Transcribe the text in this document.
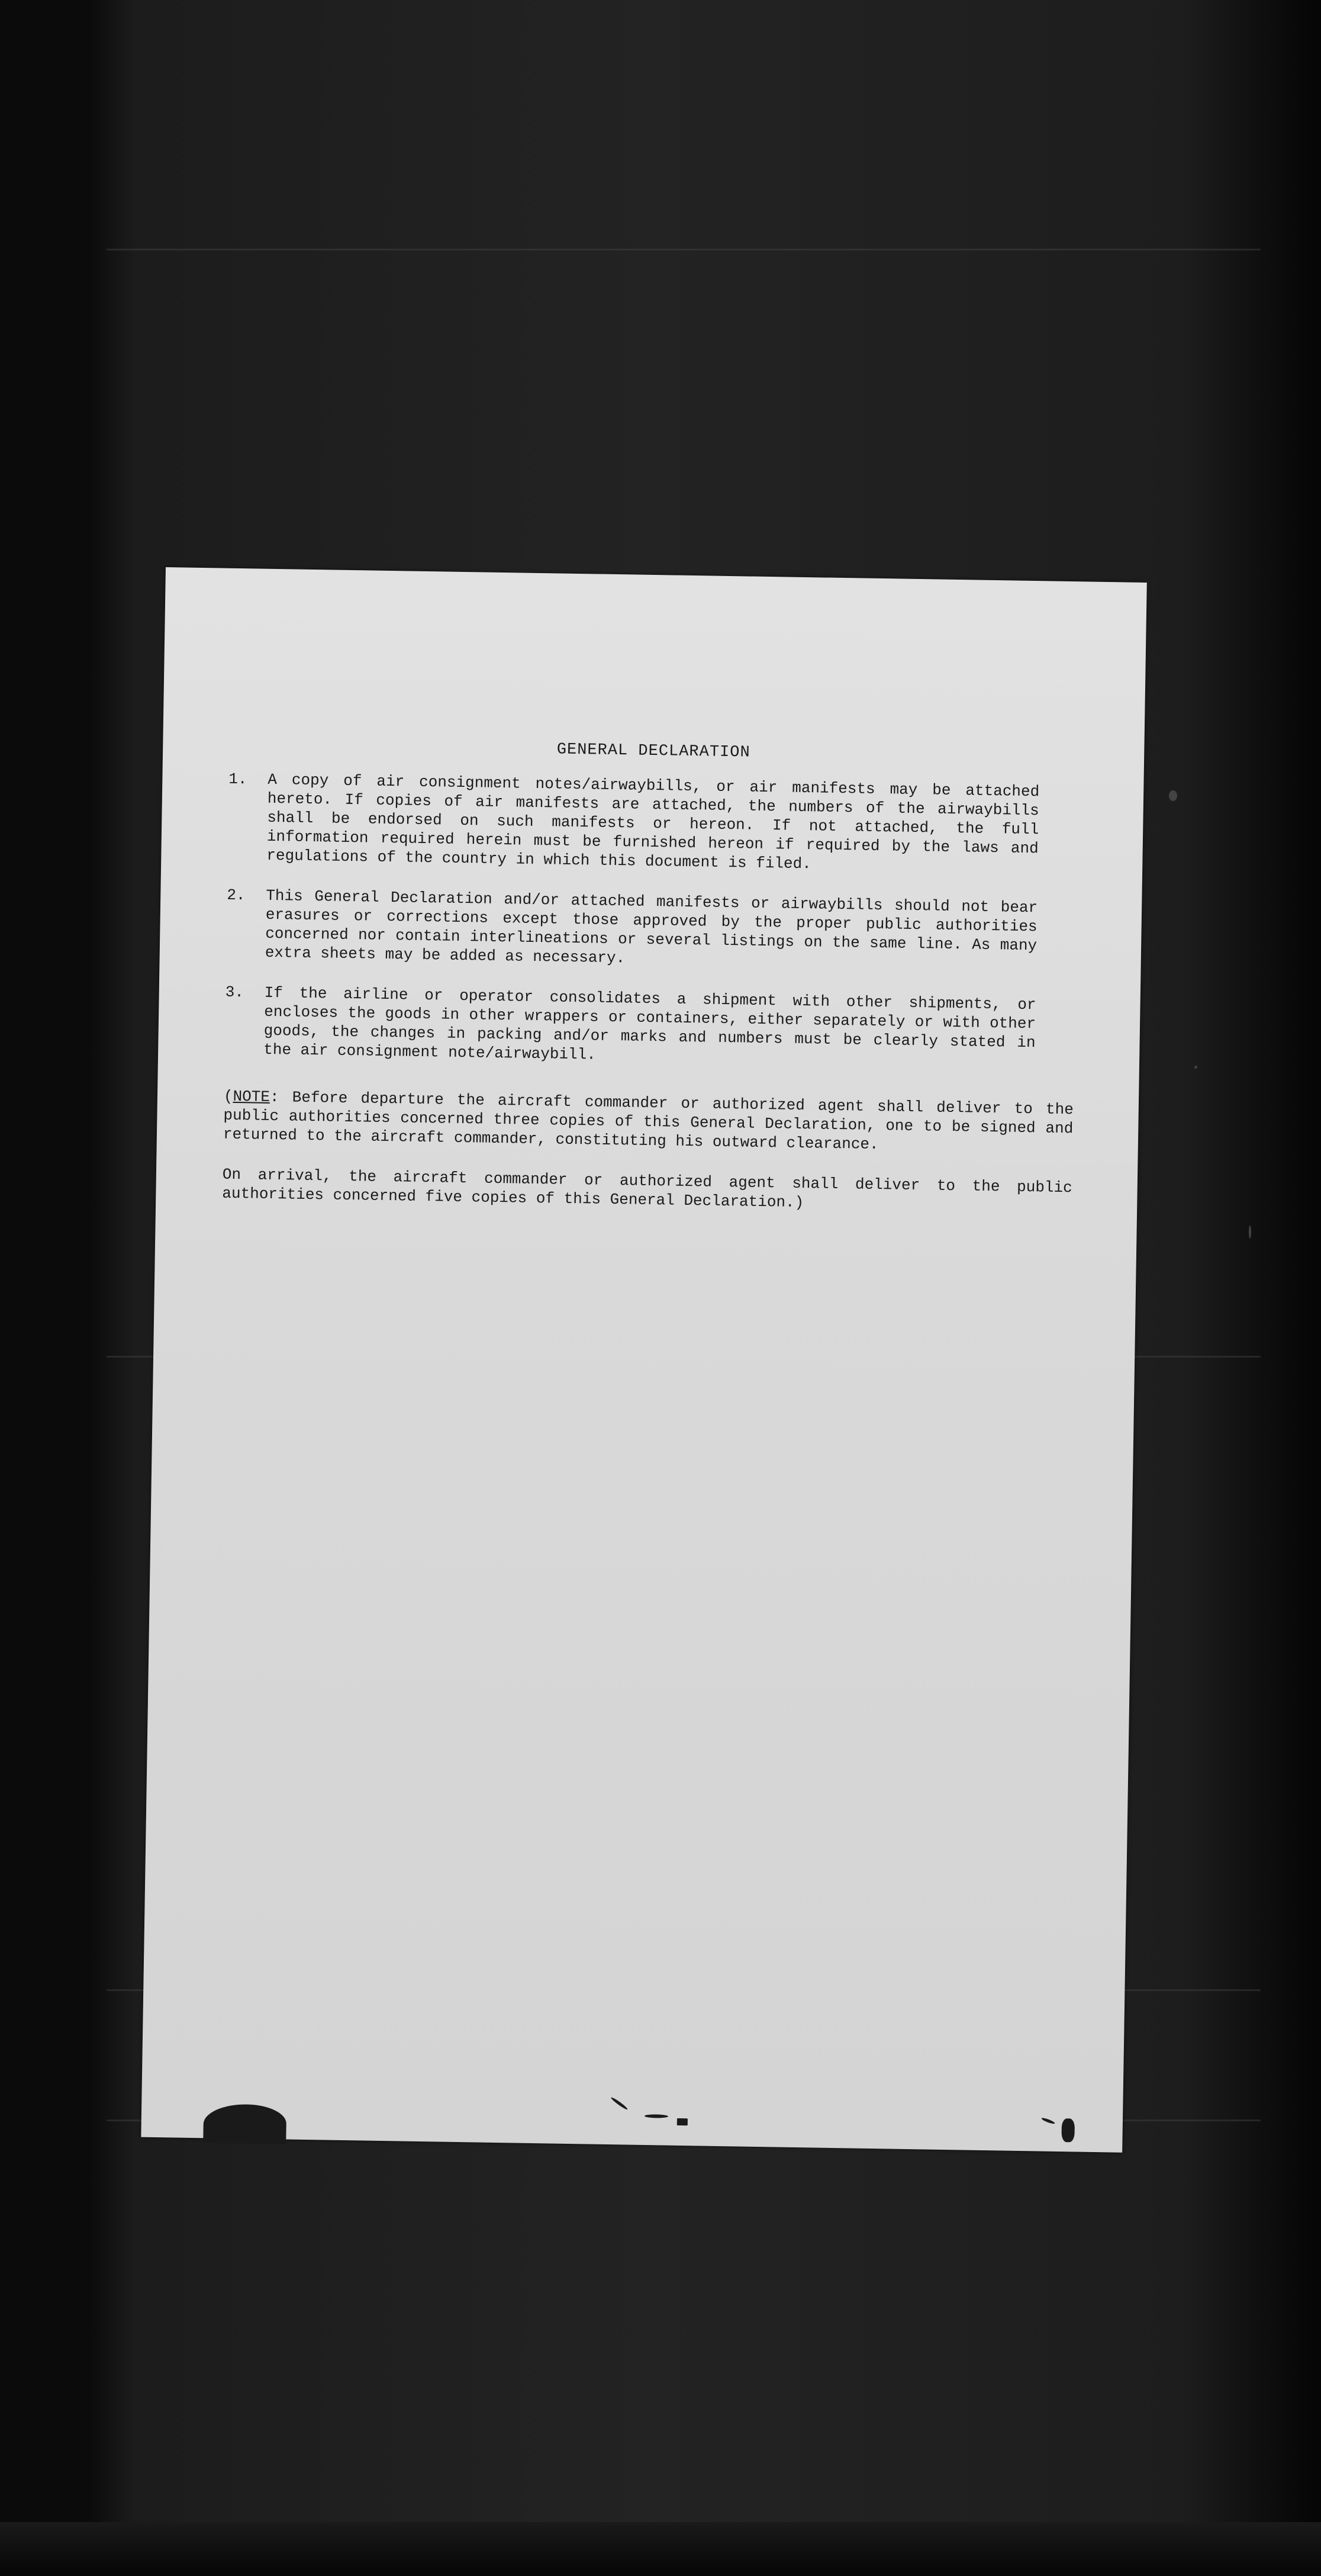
GENERAL DECLARATION
1.	A copy of air consignment notes/airwaybills, or air manifests may be attached hereto. If copies of air manifests are attached, the numbers of the airwaybills shall be endorsed on such manifests or hereon. If not attached, the full information required herein must be furnished hereon if required by the laws and regulations of the country in which this document is filed.
2.	This General Declaration and/or attached manifests or airwaybills should not bear erasures or corrections except those approved by the proper public authorities concerned nor contain interlineations or several listings on the same line. As many extra sheets may be added as necessary.
3.	If the airline or operator consolidates a shipment with other shipments, or encloses the goods in other wrappers or containers, either separately or with other goods, the changes in packing and/or marks and numbers must be clearly stated in the air consignment note/airwaybill.

(NOTE: Before departure the aircraft commander or authorized agent shall deliver to the public authorities concerned three copies of this General Declaration, one to be signed and returned to the aircraft commander, constituting his outward clearance.

On arrival, the aircraft commander or authorized agent shall deliver to the public authorities concerned five copies of this General Declaration.)
